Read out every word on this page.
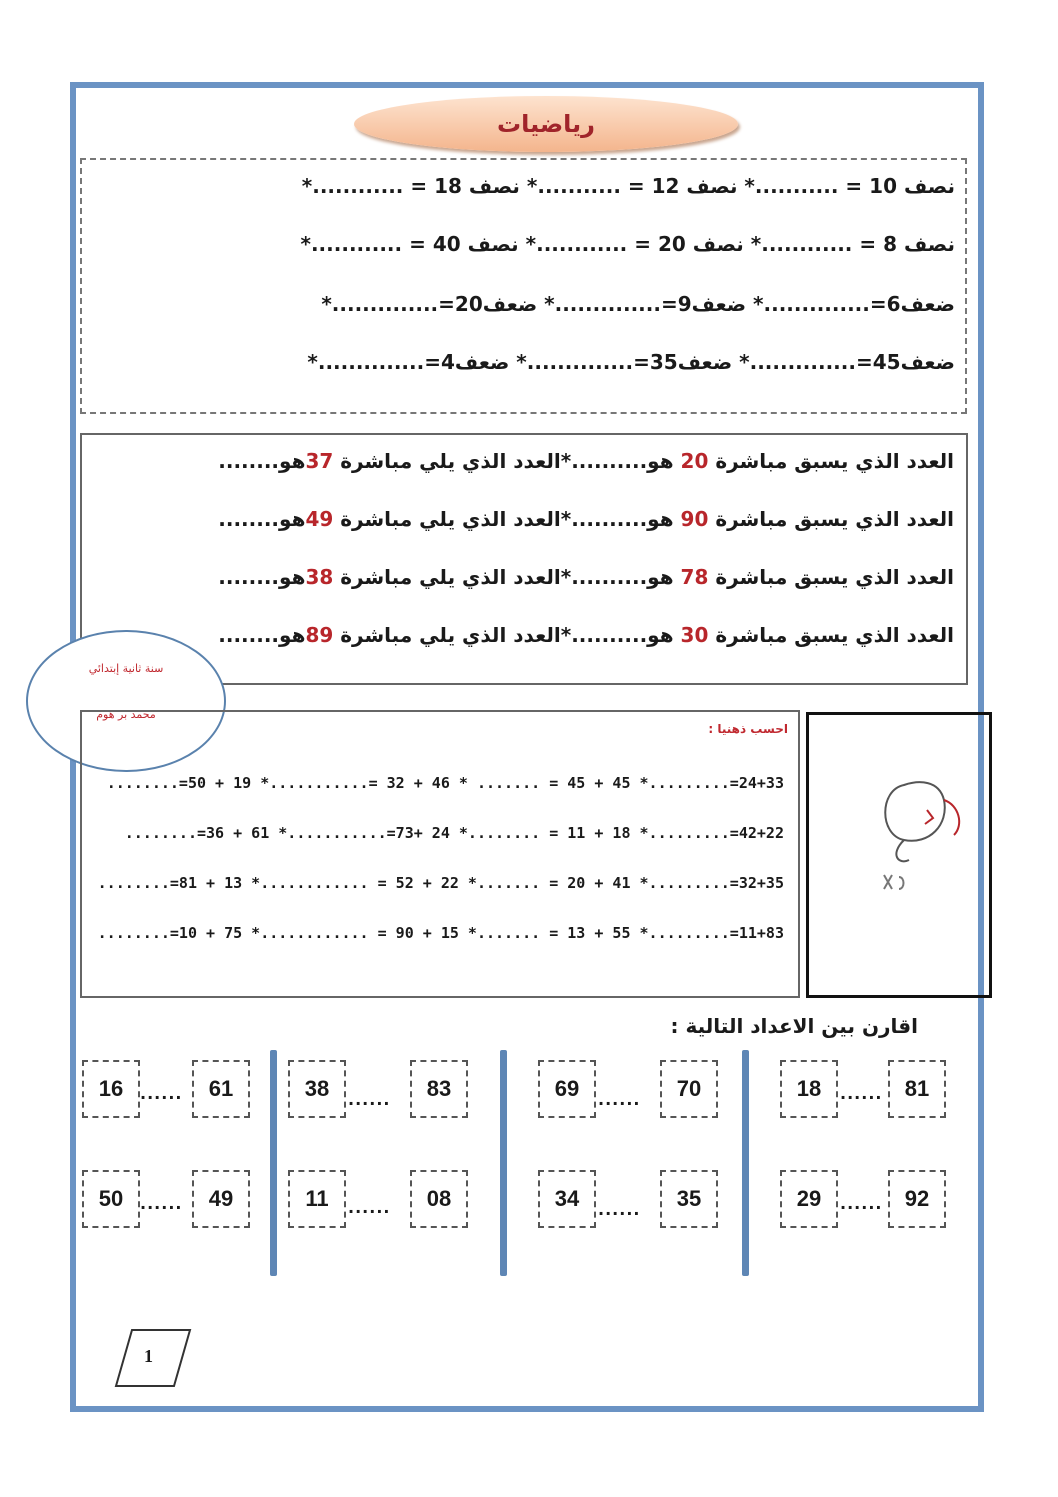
رياضيات
نصف 10 = ...........* نصف 12 = ...........* نصف 18 = ............*
نصف 8 = ............* نصف 20 = ............* نصف 40 = ............*
ضعف6=..............* ضعف9=..............* ضعف20=..............*
ضعف45=..............* ضعف35=..............* ضعف4=..............*
العدد الذي يسبق مباشرة 20 هو..........*العدد الذي يلي مباشرة 37هو........
العدد الذي يسبق مباشرة 90 هو..........*العدد الذي يلي مباشرة 49هو........
العدد الذي يسبق مباشرة 78 هو..........*العدد الذي يلي مباشرة 38هو........
العدد الذي يسبق مباشرة 30 هو..........*العدد الذي يلي مباشرة 89هو........
سنة ثانية إبتدائي
محمد بر هوم
احسب ذهنيا :
........=50 + 19 *...........= 32 + 46 * ....... = 45 + 45 *.........=24+33
........=36 + 61 *...........=73+ 24 *........ = 11 + 18 *.........=42+22
........=81 + 13 *............ = 52 + 22 *....... = 20 + 41 *.........=32+35
........=10 + 75 *............ = 90 + 15 *....... = 13 + 55 *.........=11+83
اقارن بين الاعداد التالية :
81
......
18
92
......
29
70
......
69
35
......
34
83
......
38
08
......
11
61
......
16
49
......
50
1
